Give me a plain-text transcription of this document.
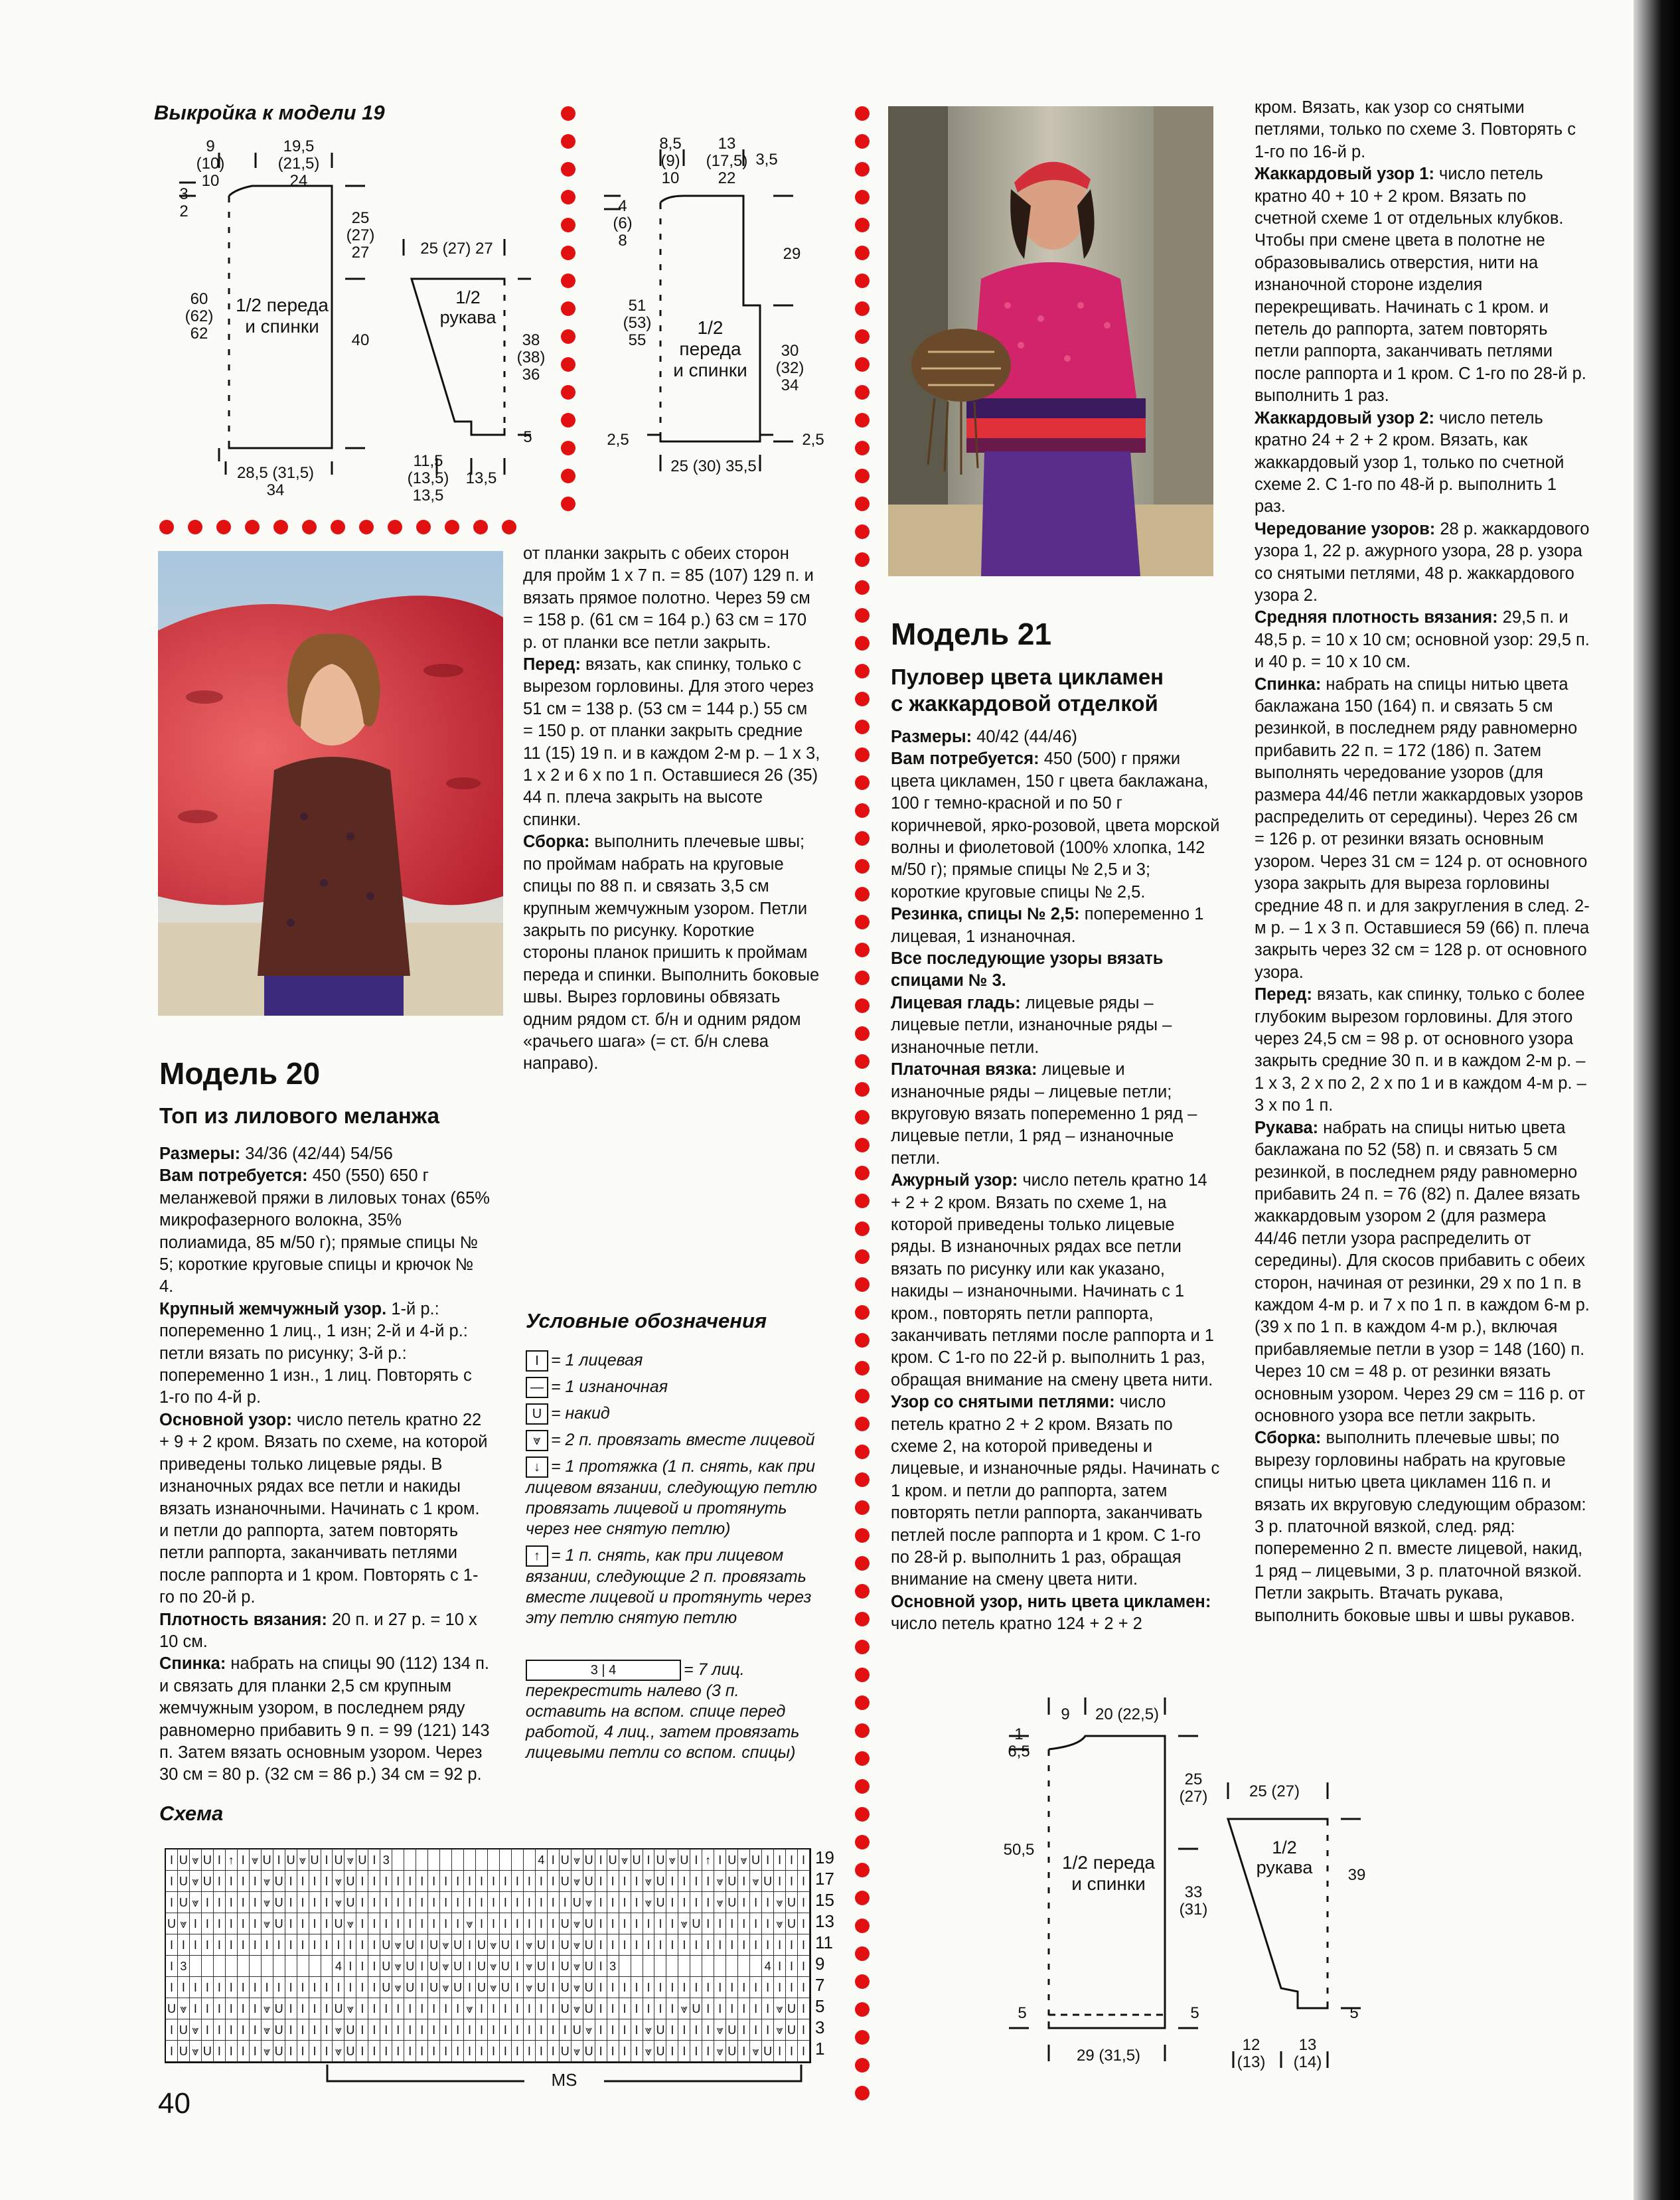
Выкройка к модели 19
9
(10)
10
19,5
(21,5)
24
3
2
1/2 переда
и спинки
60
(62)
62
25
(27)
27
40
28,5 (31,5)
34
25 (27) 27
1/2
рукава
38
(38)
36
5
11,5
(13,5)
13,5
13,5
8,5
(9)
10
13
(17,5)
22
3,5
4
(6)
8
1/2 переда
и спинки
51
(53)
55
29
30
(32)
34
2,5	2,5
25 (30) 35,5

от планки закрыть с обеих сторон для пройм 1 х 7 п. = 85 (107) 129 п. и вязать прямое полотно. Через 59 см = 158 р. (61 см = 164 р.) 63 см = 170 р. от планки все петли закрыть.

Перед: вязать, как спинку, только с вырезом горловины. Для этого через 51 см = 138 р. (53 см = 144 р.) 55 см = 150 р. от планки закрыть средние 11 (15) 19 п. и в каждом 2-м р. – 1 х 3, 1 х 2 и 6 х по 1 п. Оставшиеся 26 (35) 44 п. плеча закрыть на высоте спинки.

Сборка: выполнить плечевые швы; по проймам набрать на круговые спицы по 88 п. и связать 3,5 см крупным жемчужным узором. Петли закрыть по рисунку. Короткие стороны планок пришить к проймам переда и спинки. Выполнить боковые швы. Вырез горловины обвязать одним рядом ст. б/н и одним рядом «рачьего шага» (= ст. б/н слева направо).

Модель 20
Топ из лилового меланжа

Размеры: 34/36 (42/44) 54/56

Вам потребуется: 450 (550) 650 г меланжевой пряжи в лиловых тонах (65% микрофазерного волокна, 35% полиамида, 85 м/50 г); прямые спицы № 5; короткие круговые спицы и крючок № 4.

Крупный жемчужный узор. 1-й р.: попеременно 1 лиц., 1 изн; 2-й и 4-й р.: петли вязать по рисунку; 3-й р.: попеременно 1 изн., 1 лиц. Повторять с 1-го по 4-й р.

Основной узор: число петель кратно 22 + 9 + 2 кром. Вязать по схеме, на которой приведены только лицевые ряды. В изнаночных рядах все петли и накиды вязать изнаночными. Начинать с 1 кром. и петли до раппорта, затем повторять петли раппорта, заканчивать петлями после раппорта и 1 кром. Повторять с 1-го по 20-й р.

Плотность вязания: 20 п. и 27 р. = 10 х 10 см.

Спинка: набрать на спицы 90 (112) 134 п. и связать для планки 2,5 см крупным жемчужным узором, в последнем ряду равномерно прибавить 9 п. = 99 (121) 143 п. Затем вязать основным узором. Через 30 см = 80 р. (32 см = 86 р.) 34 см = 92 р.

Условные обозначения
I = 1 лицевая
— = 1 изнаночная
U = накид
⩔ = 2 п. провязать вместе лицевой
↓ = 1 протяжка (1 п. снять, как при лицевом вязании, следующую петлю провязать лицевой и протянуть через нее снятую петлю)
↑ = 1 п. снять, как при лицевом вязании, следующие 2 п. провязать вместе лицевой и протянуть через эту петлю снятую петлю
3 | 4	= 7 лиц. перекрестить налево (3 п. оставить на вспом. спице перед работой, 4 лиц., затем провязать лицевыми петли со вспом. спицы)
Схема
I U ⩔ U I ↑ I ⩔ U I U ⩔ U I U ⩔ U I 3	4 I U ⩔ U I U ⩔ U I U ⩔ U I ↑ I U ⩔ U I I I I
I U ⩔ U I I I I ⩔ U I I I I ⩔ U I I I I I I I I I I I I I I I I I U ⩔ U I I I I ⩔ U I I I I ⩔ U I ⩔ U I I I
I U ⩔ I I I I I ⩔ U I I I I ⩔ U I I I I I I I I I I I I I I I I I I U ⩔ I I I I ⩔ U I I I I ⩔ U I I I ⩔ U I
U ⩔ I I I I I I ⩔ U I I I I U ⩔ I I I I I I I I I ⩔ I I I I I I I U ⩔ U I I I I I I I ⩔ U I I I I I I ⩔ U I
I I I I I I I I I I I I I I I I I I U ⩔ U I U ⩔ U I U ⩔ U I ⩔ U I U ⩔ U I I I I I I I I I I I I I I I I I I
I 3	4 I I I U ⩔ U I U ⩔ U I U ⩔ U I ⩔ U I U ⩔ U I 3	4 I I I
I I I I I I I I I I I I I I I I I I U ⩔ U I U ⩔ U I U ⩔ U I ⩔ U I U ⩔ U I I I I I I I I I I I I I I I I I I
U ⩔ I I I I I I ⩔ U I I I I U ⩔ I I I I I I I I I ⩔ I I I I I I I U ⩔ U I I I I I I I ⩔ U I I I I I I ⩔ U I
I U ⩔ I I I I I ⩔ U I I I I ⩔ U I I I I I I I I I I I I I I I I I I U ⩔ I I I I ⩔ U I I I I ⩔ U I I I ⩔ U I
I U ⩔ U I I I I ⩔ U I I I I ⩔ U I I I I I I I I I I I I I I I I I U ⩔ U I I I I ⩔ U I I I I ⩔ U I ⩔ U I I I
19
17
15
13
11
9
7
5
3
1
MS
40
Модель 21
Пуловер цвета цикламен
с жаккардовой отделкой

Размеры: 40/42 (44/46)

Вам потребуется: 450 (500) г пряжи цвета цикламен, 150 г цвета баклажана, 100 г темно-красной и по 50 г коричневой, ярко-розовой, цвета морской волны и фиолетовой (100% хлопка, 142 м/50 г); прямые спицы № 2,5 и 3; короткие круговые спицы № 2,5.

Резинка, спицы № 2,5: попеременно 1 лицевая, 1 изнаночная.

Все последующие узоры вязать спицами № 3.

Лицевая гладь: лицевые ряды – лицевые петли, изнаночные ряды – изнаночные петли.

Платочная вязка: лицевые и изнаночные ряды – лицевые петли; вкруговую вязать попеременно 1 ряд – лицевые петли, 1 ряд – изнаночные петли.

Ажурный узор: число петель кратно 14 + 2 + 2 кром. Вязать по схеме 1, на которой приведены только лицевые ряды. В изнаночных рядах все петли вязать по рисунку или как указано, накиды – изнаночными. Начинать с 1 кром., повторять петли раппорта, заканчивать петлями после раппорта и 1 кром. С 1-го по 22-й р. выполнить 1 раз, обращая внимание на смену цвета нити.

Узор со снятыми петлями: число петель кратно 2 + 2 кром. Вязать по схеме 2, на которой приведены и лицевые, и изнаночные ряды. Начинать с 1 кром. и петли до раппорта, затем повторять петли раппорта, заканчивать петлей после раппорта и 1 кром. С 1-го по 28-й р. выполнить 1 раз, обращая внимание на смену цвета нити.

Основной узор, нить цвета цикламен: число петель кратно 124 + 2 + 2

кром. Вязать, как узор со снятыми петлями, только по схеме 3. Повторять с 1-го по 16-й р.

Жаккардовый узор 1: число петель кратно 40 + 10 + 2 кром. Вязать по счетной схеме 1 от отдельных клубков. Чтобы при смене цвета в полотне не образовывались отверстия, нити на изнаночной стороне изделия перекрещивать. Начинать с 1 кром. и петель до раппорта, затем повторять петли раппорта, заканчивать петлями после раппорта и 1 кром. С 1-го по 28-й р. выполнить 1 раз.

Жаккардовый узор 2: число петель кратно 24 + 2 + 2 кром. Вязать, как жаккардовый узор 1, только по счетной схеме 2. С 1-го по 48-й р. выполнить 1 раз.

Чередование узоров: 28 р. жаккардового узора 1, 22 р. ажурного узора, 28 р. узора со снятыми петлями, 48 р. жаккардового узора 2.

Средняя плотность вязания: 29,5 п. и 48,5 р. = 10 х 10 см; основной узор: 29,5 п. и 40 р. = 10 х 10 см.

Спинка: набрать на спицы нитью цвета баклажана 150 (164) п. и связать 5 см резинкой, в последнем ряду равномерно прибавить 22 п. = 172 (186) п. Затем выполнять чередование узоров (для размера 44/46 петли жаккардовых узоров распределить от середины). Через 26 см = 126 р. от резинки вязать основным узором. Через 31 см = 124 р. от основного узора закрыть для выреза горловины средние 48 п. и для закругления в след. 2-м р. – 1 х 3 п. Оставшиеся 59 (66) п. плеча закрыть через 32 см = 128 р. от основного узора.

Перед: вязать, как спинку, только с более глубоким вырезом горловины. Для этого через 24,5 см = 98 р. от основного узора закрыть средние 30 п. и в каждом 2-м р. – 1 х 3, 2 х по 2, 2 х по 1 и в каждом 4-м р. – 3 х по 1 п.

Рукава: набрать на спицы нитью цвета баклажана по 52 (58) п. и связать 5 см резинкой, в последнем ряду равномерно прибавить 24 п. = 76 (82) п. Далее вязать жаккардовым узором 2 (для размера 44/46 петли узора распределить от середины). Для скосов прибавить с обеих сторон, начиная от резинки, 29 х по 1 п. в каждом 4-м р. и 7 х по 1 п. в каждом 6-м р. (39 х по 1 п. в каждом 4-м р.), включая прибавляемые петли в узор = 148 (160) п. Через 10 см = 48 р. от резинки вязать основным узором. Через 29 см = 116 р. от основного узора все петли закрыть.

Сборка: выполнить плечевые швы; по вырезу горловины набрать на круговые спицы нитью цвета цикламен 116 п. и вязать их вкруговую следующим образом: 3 р. платочной вязкой, след. ряд: попеременно 2 п. вместе лицевой, накид, 1 ряд – лицевыми, 3 р. платочной вязкой. Петли закрыть. Втачать рукава, выполнить боковые швы и швы рукавов.

9	20 (22,5)
1
6,5
1/2 переда
и спинки
50,5
25
(27)
33
(31)
5	5
29 (31,5)
25 (27)
1/2
рукава	39
5
12
(13)
13
(14)
